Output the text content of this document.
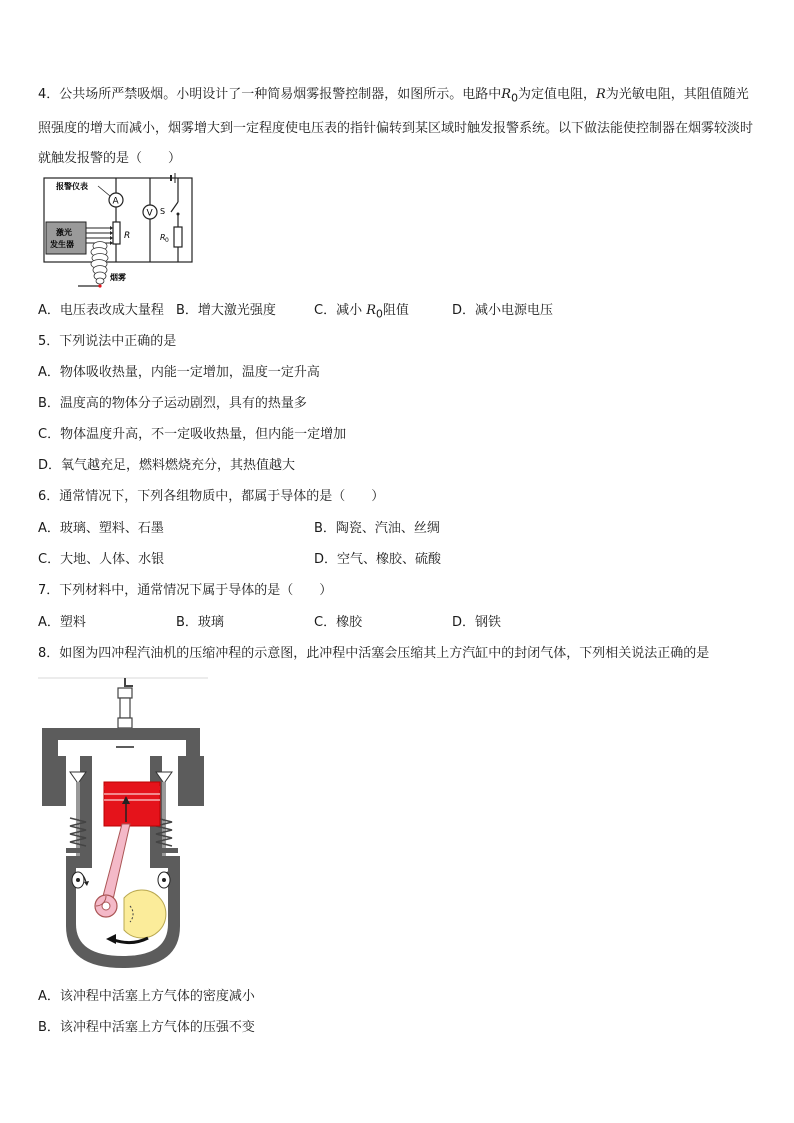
4．公共场所严禁吸烟。小明设计了一种简易烟雾报警控制器，如图所示。电路中$R_0$为定值电阻，R为光敏电阻，其阻值随光照强度的增大而减小，烟雾增大到一定程度使电压表的指针偏转到某区域时触发报警系统。以下做法能使控制器在烟雾较淡时就触发报警的是（　　）
报警仪表
A
R
V S
R 0
激光
发生器
烟雾
A．电压表改成大量程 B．增大激光强度	C．减小 $R_0$阻值	D．减小电源电压
5．下列说法中正确的是
A．物体吸收热量，内能一定增加，温度一定升高
B．温度高的物体分子运动剧烈，具有的热量多
C．物体温度升高，不一定吸收热量，但内能一定增加
D．氧气越充足，燃料燃烧充分，其热值越大
6．通常情况下，下列各组物质中，都属于导体的是（　　）
A．玻璃、塑料、石墨	B．陶瓷、汽油、丝绸
C．大地、人体、水银	D．空气、橡胶、硫酸
7．下列材料中，通常情况下属于导体的是（　　）
A．塑料	B．玻璃	C．橡胶	D．钢铁
8．如图为四冲程汽油机的压缩冲程的示意图，此冲程中活塞会压缩其上方汽缸中的封闭气体，下列相关说法正确的是
A．该冲程中活塞上方气体的密度减小
B．该冲程中活塞上方气体的压强不变
